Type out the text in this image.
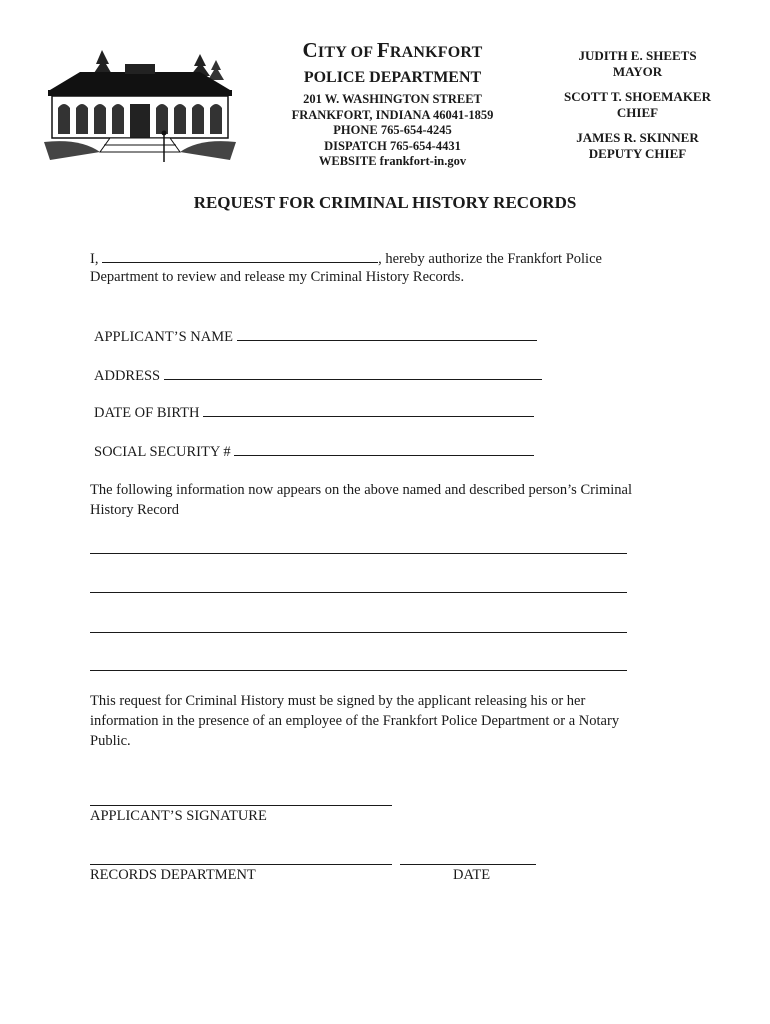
CITY OF FRANKFORT
POLICE DEPARTMENT
201 W. WASHINGTON STREET
FRANKFORT, INDIANA 46041-1859
PHONE 765-654-4245
DISPATCH 765-654-4431
WEBSITE frankfort-in.gov
JUDITH E. SHEETS
MAYOR
SCOTT T. SHOEMAKER
CHIEF
JAMES R. SKINNER
DEPUTY CHIEF
REQUEST FOR CRIMINAL HISTORY RECORDS
I,	, hereby authorize the Frankfort Police
Department to review and release my Criminal History Records.
APPLICANT’S NAME
ADDRESS
DATE OF BIRTH
SOCIAL SECURITY #
The following information now appears on the above named and described person’s Criminal
History Record
This request for Criminal History must be signed by the applicant releasing his or her
information in the presence of an employee of the Frankfort Police Department or a Notary
Public.
APPLICANT’S SIGNATURE
RECORDS DEPARTMENT	DATE
